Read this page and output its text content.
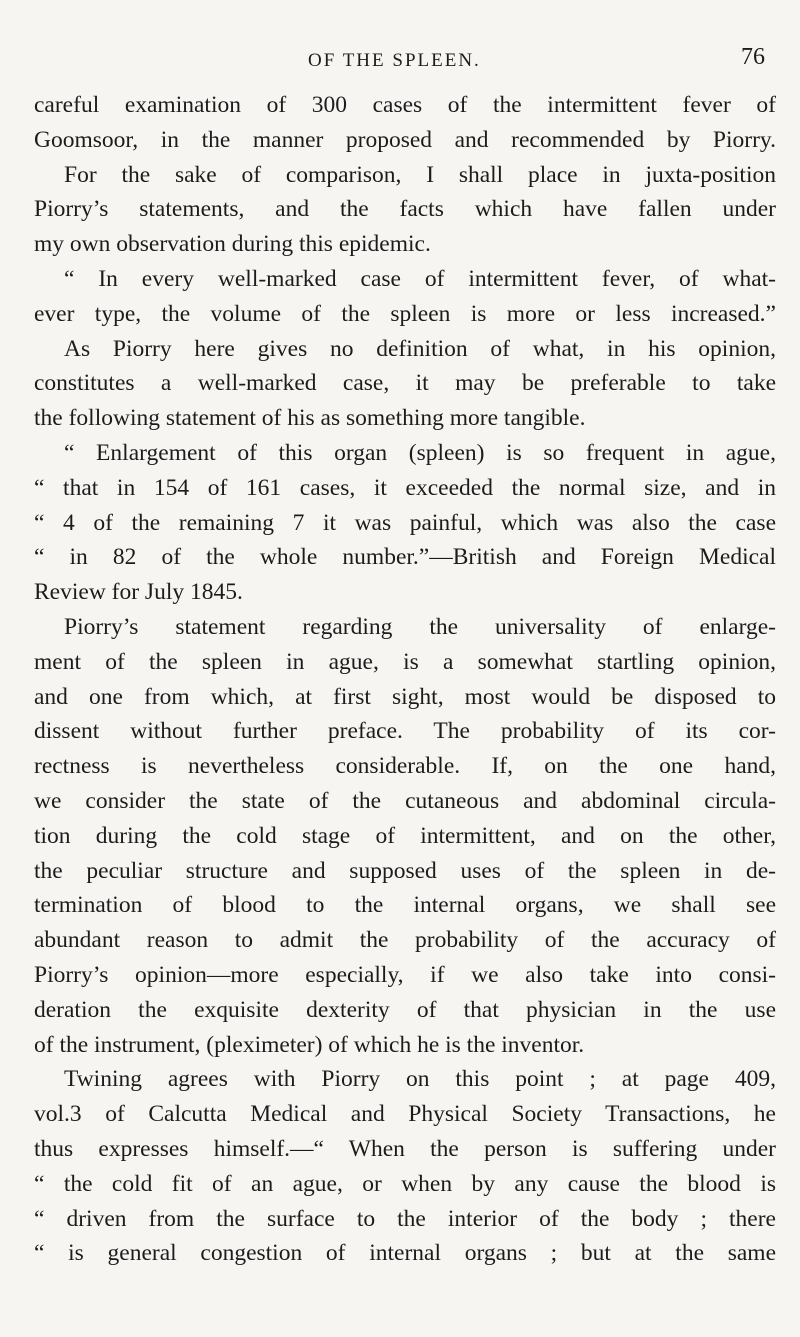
OF THE SPLEEN.	76
careful examination of 300 cases of the intermittent fever of
Goomsoor, in the manner proposed and recommended by Piorry.
For the sake of comparison, I shall place in juxta-position
Piorry’s statements, and the facts which have fallen under
my own observation during this epidemic.
“ In every well-marked case of intermittent fever, of what-
ever type, the volume of the spleen is more or less increased.”
As Piorry here gives no definition of what, in his opinion,
constitutes a well-marked case, it may be preferable to take
the following statement of his as something more tangible.
“ Enlargement of this organ (spleen) is so frequent in ague,
“ that in 154 of 161 cases, it exceeded the normal size, and in
“ 4 of the remaining 7 it was painful, which was also the case
“ in 82 of the whole number.”—British and Foreign Medical
Review for July 1845.
Piorry’s statement regarding the universality of enlarge-
ment of the spleen in ague, is a somewhat startling opinion,
and one from which, at first sight, most would be disposed to
dissent without further preface. The probability of its cor-
rectness is nevertheless considerable. If, on the one hand,
we consider the state of the cutaneous and abdominal circula-
tion during the cold stage of intermittent, and on the other,
the peculiar structure and supposed uses of the spleen in de-
termination of blood to the internal organs, we shall see
abundant reason to admit the probability of the accuracy of
Piorry’s opinion—more especially, if we also take into consi-
deration the exquisite dexterity of that physician in the use
of the instrument, (pleximeter) of which he is the inventor.
Twining agrees with Piorry on this point ; at page 409,
vol.3 of Calcutta Medical and Physical Society Transactions, he
thus expresses himself.—“ When the person is suffering under
“ the cold fit of an ague, or when by any cause the blood is
“ driven from the surface to the interior of the body ; there
“ is general congestion of internal organs ; but at the same
